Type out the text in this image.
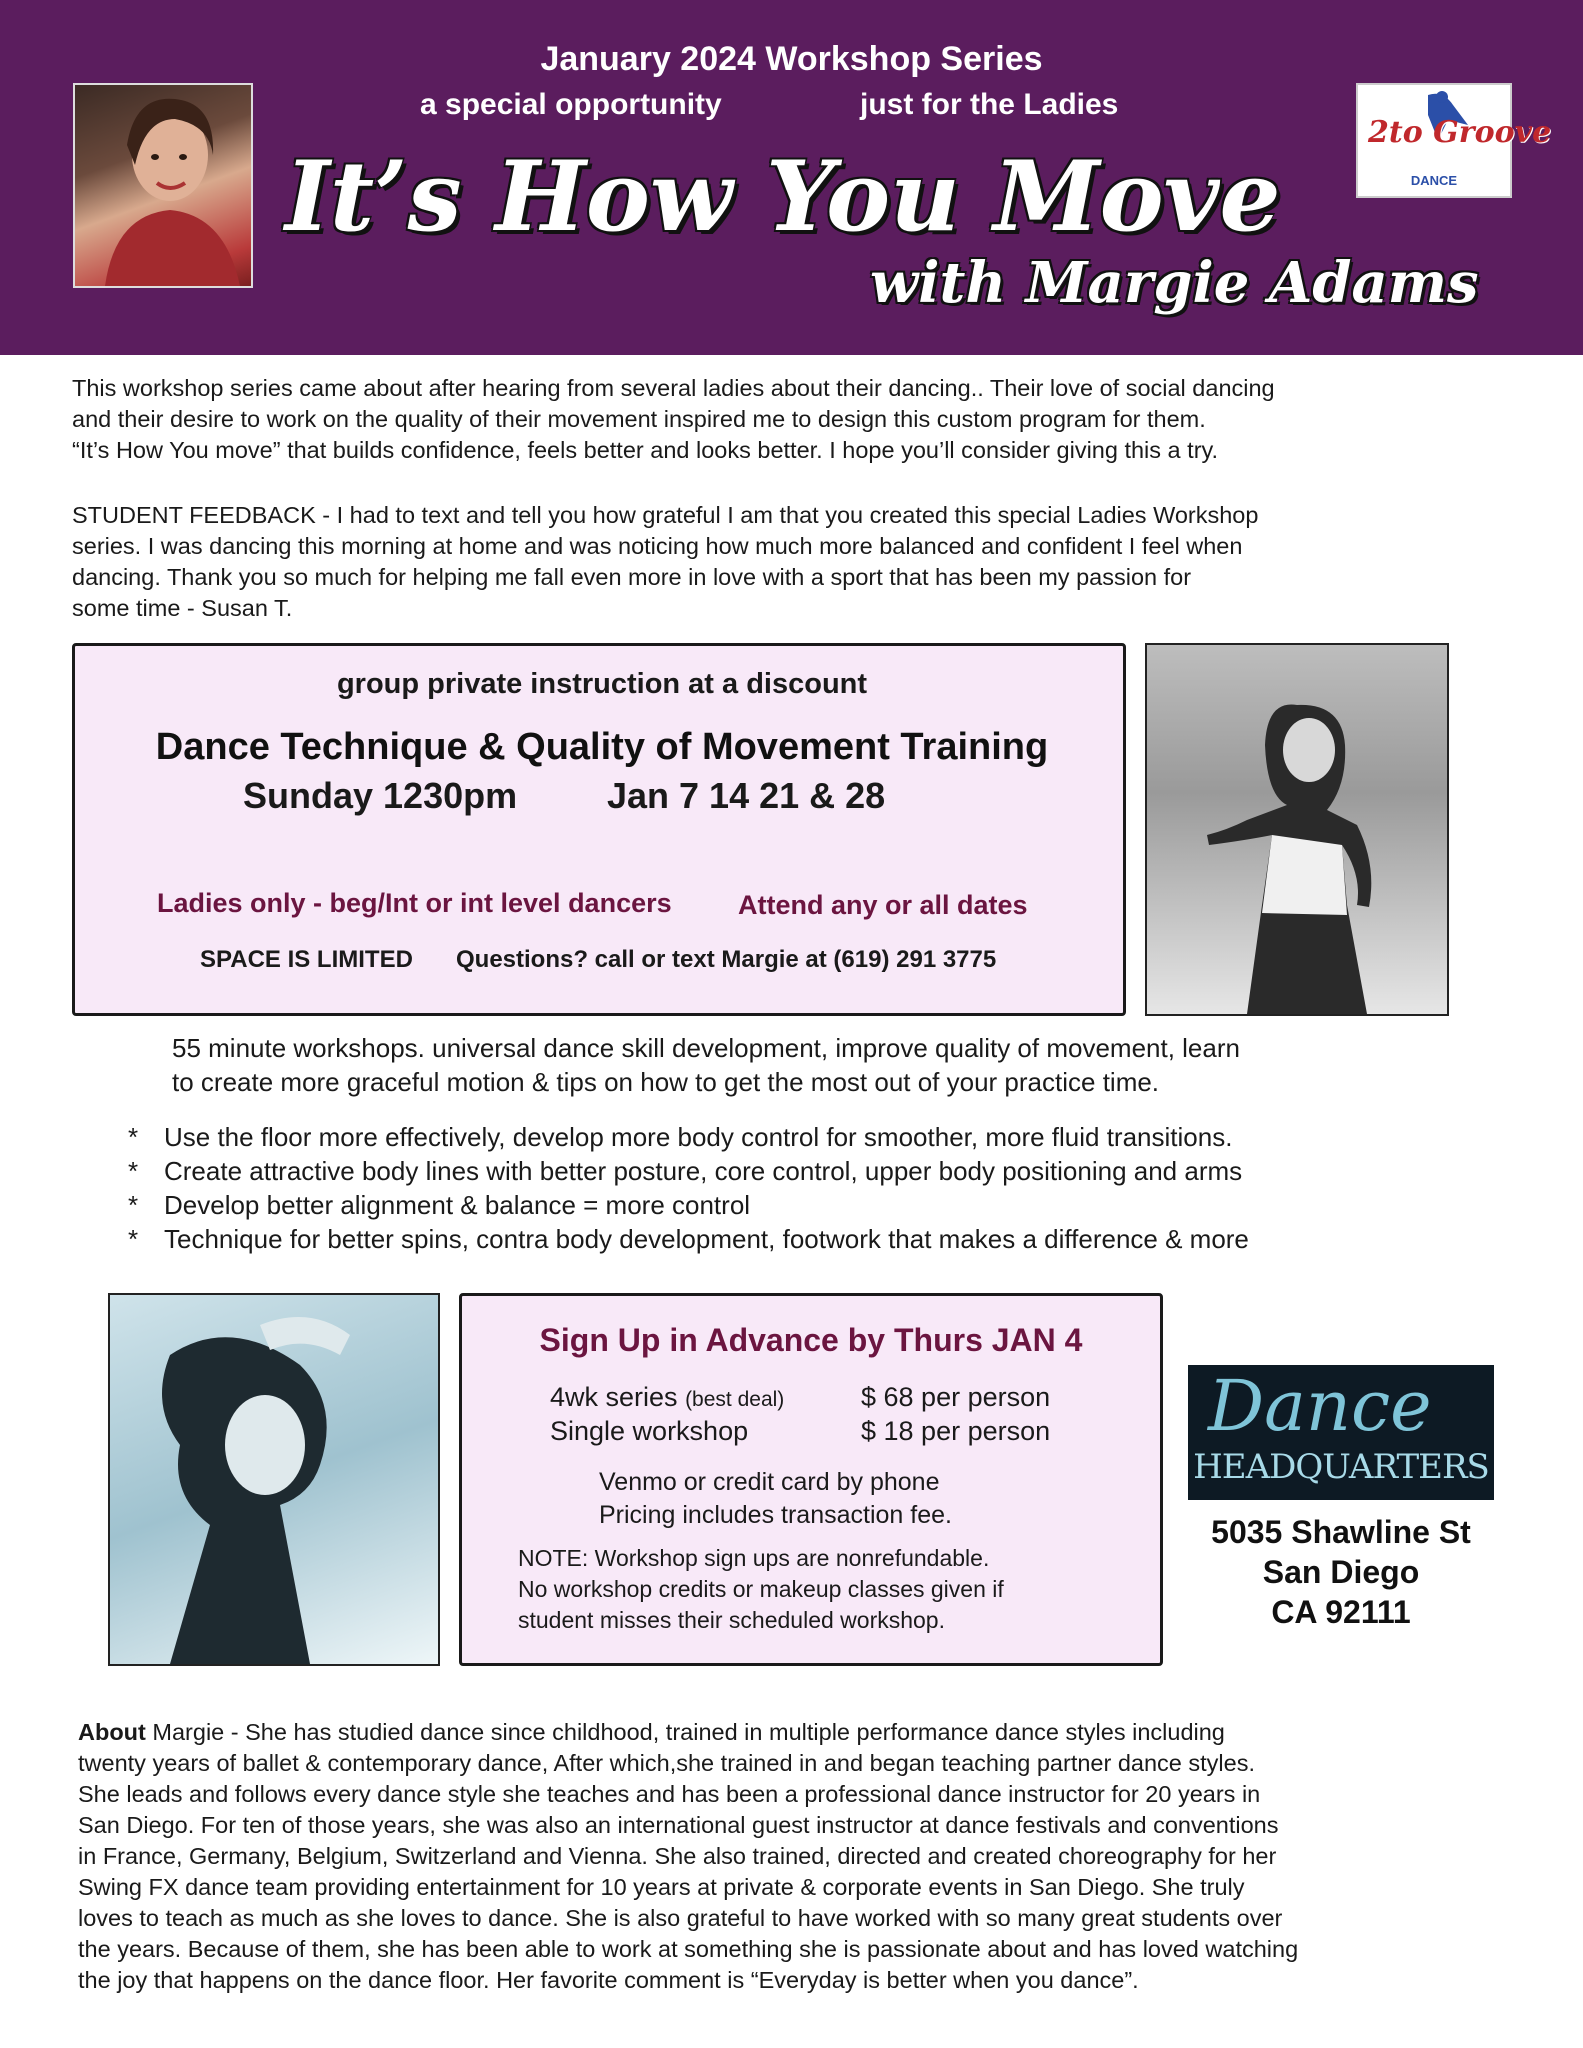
January 2024 Workshop Series
a special opportunity	just for the Ladies
It’s How You Move
with Margie Adams
2to Groove
DANCE

This workshop series came about after hearing from several ladies about their dancing.. Their love of social dancing

and their desire to work on the quality of their movement inspired me to design this custom program for them.

“It’s How You move” that builds confidence, feels better and looks better. I hope you’ll consider giving this a try.

STUDENT FEEDBACK - I had to text and tell you how grateful I am that you created this special Ladies Workshop

series. I was dancing this morning at home and was noticing how much more balanced and confident I feel when

dancing. Thank you so much for helping me fall even more in love with a sport that has been my passion for

some time - Susan T.

group private instruction at a discount
Dance Technique & Quality of Movement Training
Sunday 1230pm Jan 7 14 21 & 28
Ladies only - beg/Int or int level dancers Attend any or all dates
SPACE IS LIMITED Questions? call or text Margie at (619) 291 3775
55 minute workshops. universal dance skill development, improve quality of movement, learn
to create more graceful motion & tips on how to get the most out of your practice time.
* Use the floor more effectively, develop more body control for smoother, more fluid transitions.
* Create attractive body lines with better posture, core control, upper body positioning and arms
* Develop better alignment & balance = more control
* Technique for better spins, contra body development, footwork that makes a difference & more
Sign Up in Advance by Thurs JAN 4
4wk series (best deal)	$ 68 per person
Single workshop	$ 18 per person
Venmo or credit card by phone
Pricing includes transaction fee.
NOTE: Workshop sign ups are nonrefundable.
No workshop credits or makeup classes given if
student misses their scheduled workshop.
Dance
HEADQUARTERS
5035 Shawline St
San Diego
CA 92111
About Margie - She has studied dance since childhood, trained in multiple performance dance styles including
twenty years of ballet & contemporary dance, After which,she trained in and began teaching partner dance styles.
She leads and follows every dance style she teaches and has been a professional dance instructor for 20 years in
San Diego. For ten of those years, she was also an international guest instructor at dance festivals and conventions
in France, Germany, Belgium, Switzerland and Vienna. She also trained, directed and created choreography for her
Swing FX dance team providing entertainment for 10 years at private & corporate events in San Diego. She truly
loves to teach as much as she loves to dance. She is also grateful to have worked with so many great students over
the years. Because of them, she has been able to work at something she is passionate about and has loved watching
the joy that happens on the dance floor. Her favorite comment is “Everyday is better when you dance”.
